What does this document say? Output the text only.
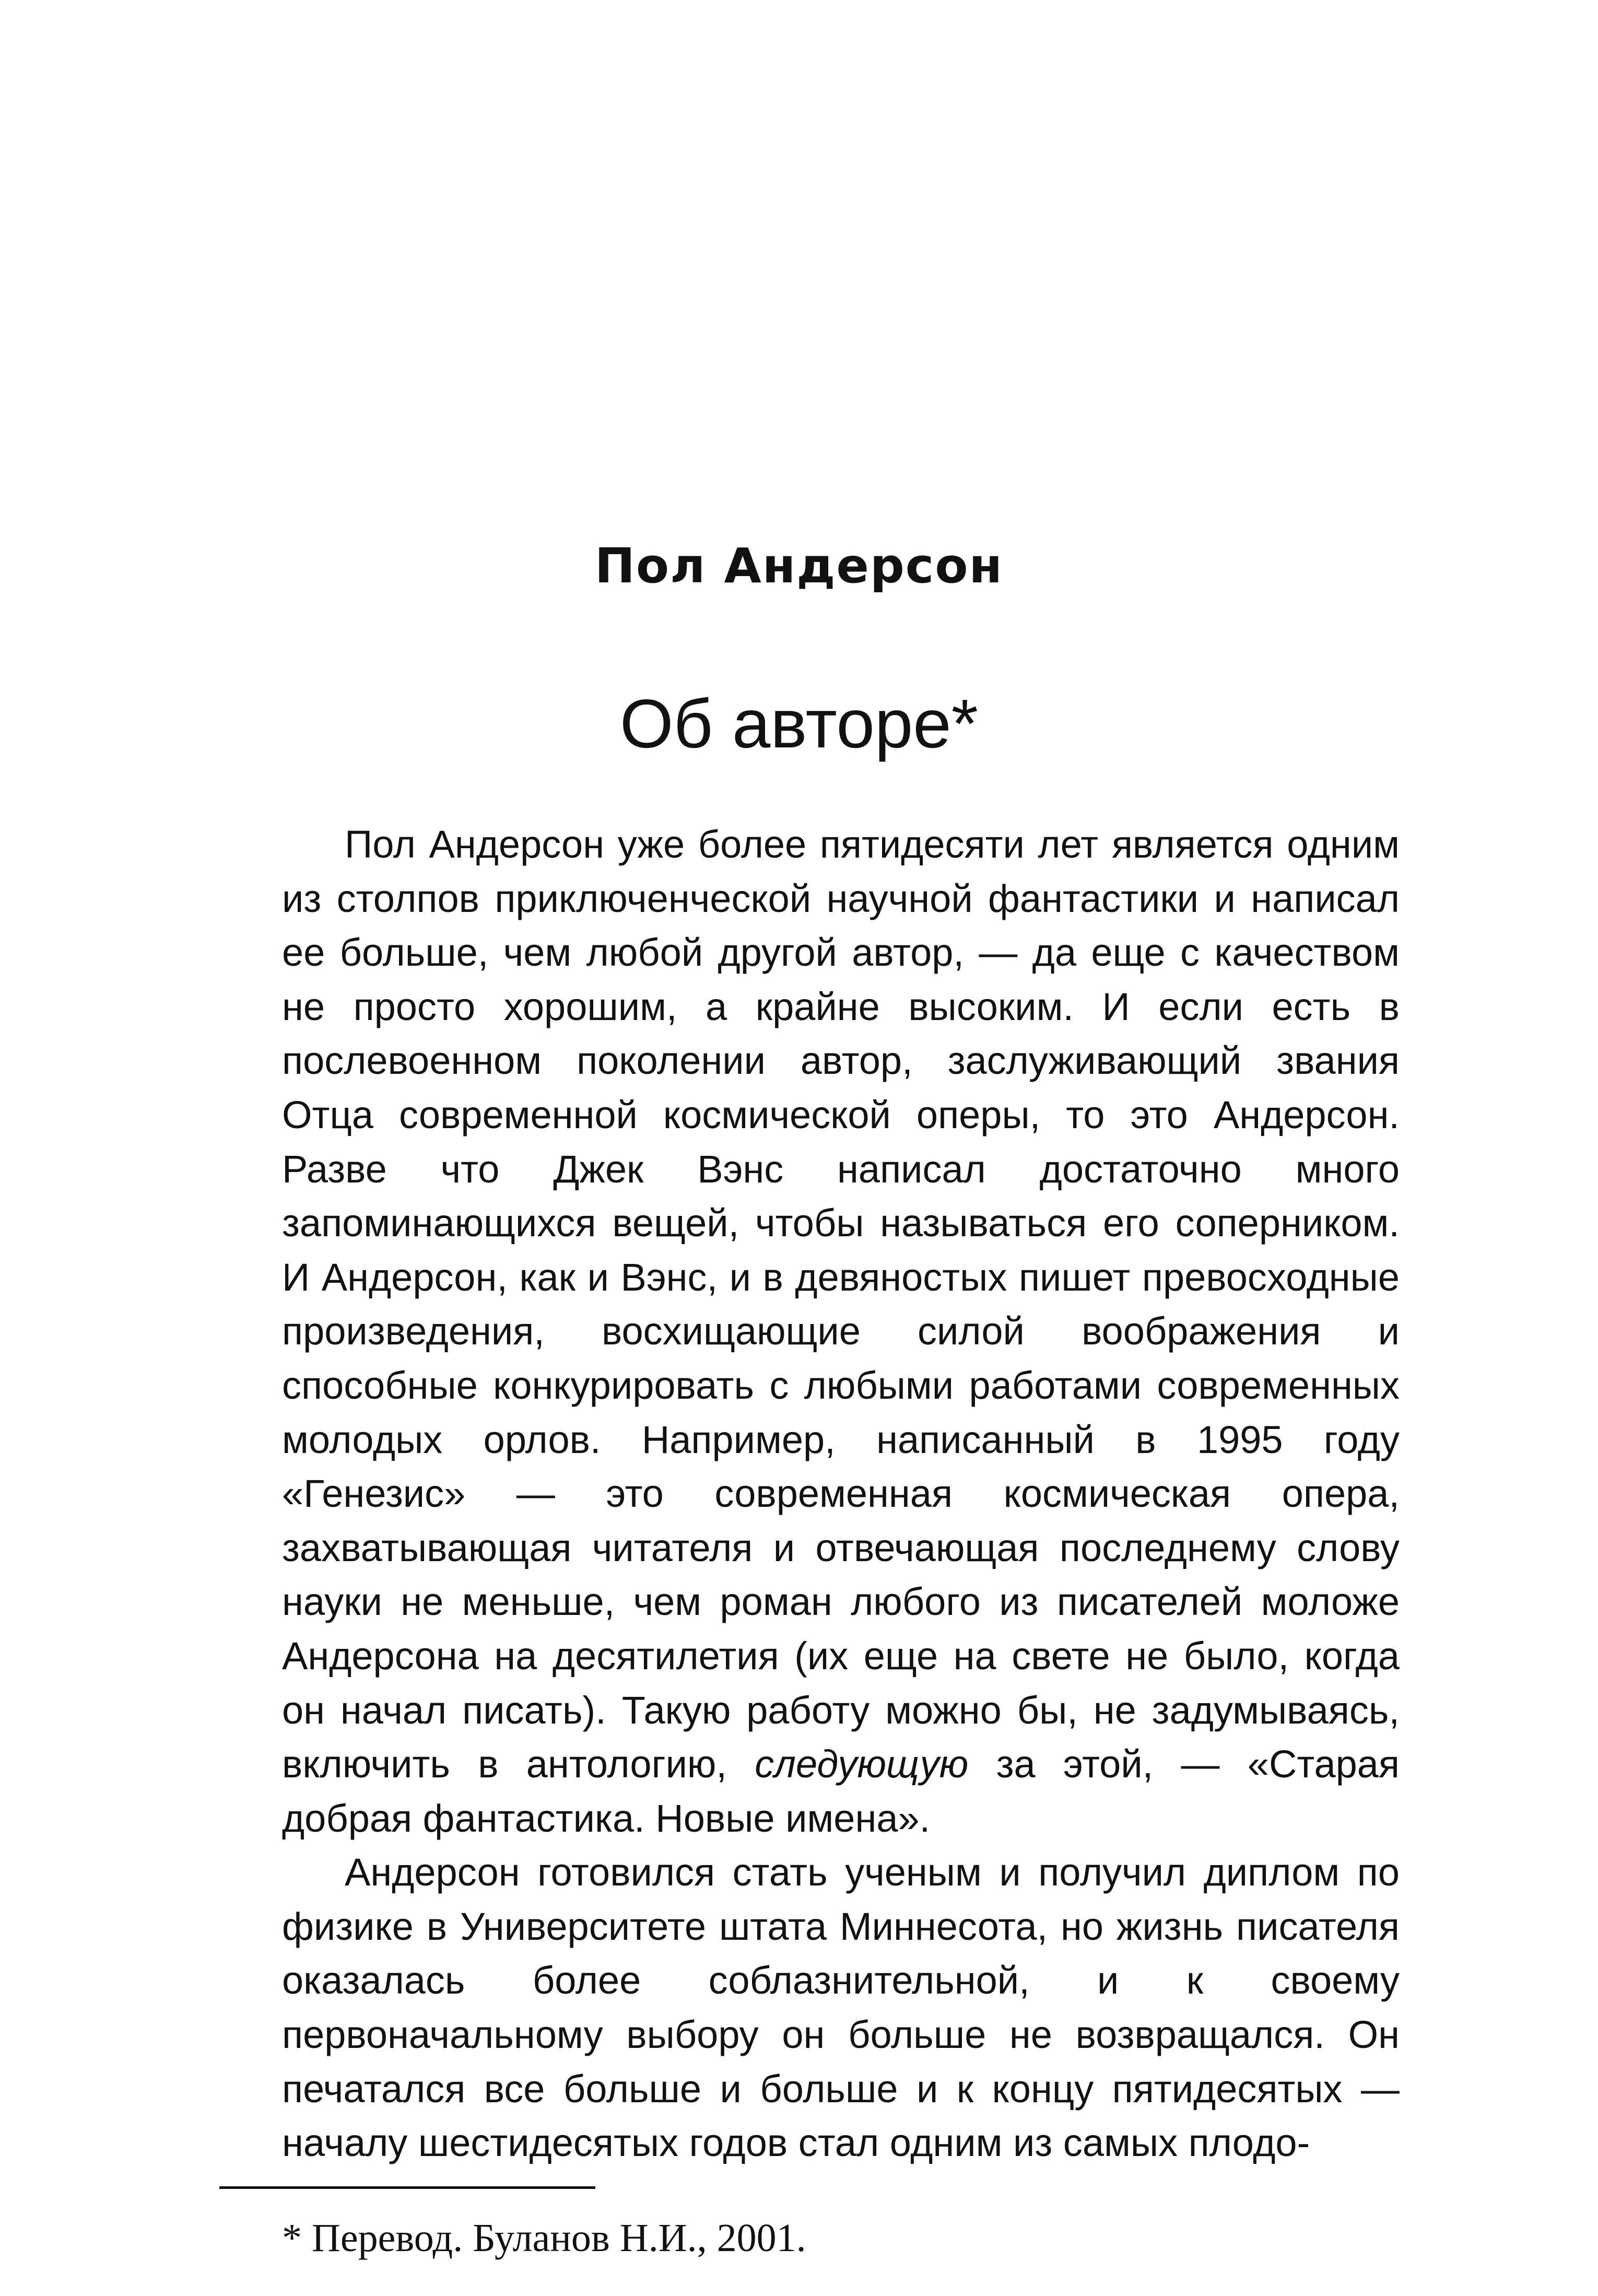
Пол Андерсон
Об авторе*

Пол Андерсон уже более пятидесяти лет является одним из столпов приключенческой научной фантастики и написал ее больше, чем любой другой автор, — да еще с качеством не просто хорошим, а крайне высоким. И если есть в послевоенном поколении автор, заслуживающий звания Отца современной космической оперы, то это Андерсон. Разве что Джек Вэнс написал достаточно много запоминающихся вещей, чтобы называться его соперником. И Андерсон, как и Вэнс, и в девяностых пишет превосходные произведения, восхищающие силой воображения и способные конкурировать с любыми работами современных молодых орлов. Например, написанный в 1995 году «Генезис» — это современная космическая опера, захватывающая читателя и отвечающая последнему слову науки не меньше, чем роман любого из писателей моложе Андерсона на десятилетия (их еще на свете не было, когда он начал писать). Такую работу можно бы, не задумываясь, включить в антологию, следующую за этой, — «Старая добрая фантастика. Новые имена».

Андерсон готовился стать ученым и получил диплом по физике в Университете штата Миннесота, но жизнь писателя оказалась более соблазнительной, и к своему первоначальному выбору он больше не возвращался. Он печатался все больше и больше и к концу пятидесятых — началу шестидесятых годов стал одним из самых плодо-

* Перевод. Буланов Н.И., 2001.
